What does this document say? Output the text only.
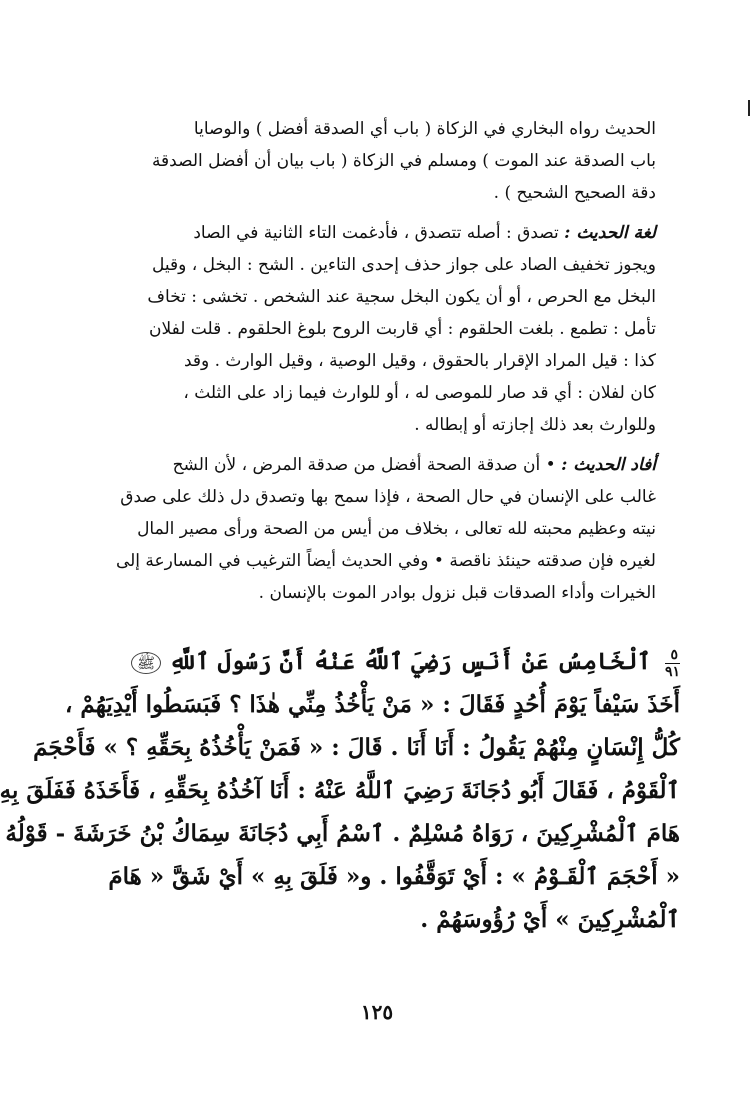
الحديث رواه البخاري في الزكاة ( باب أي الصدقة أفضل ) والوصايا
باب الصدقة عند الموت ) ومسلم في الزكاة ( باب بيان أن أفضل الصدقة
دقة الصحيح الشحيح ) .
لغة الحديث : تصدق : أصله تتصدق ، فأدغمت التاء الثانية في الصاد
ويجوز تخفيف الصاد على جواز حذف إحدى التاءين . الشح : البخل ، وقيل
البخل مع الحرص ، أو أن يكون البخل سجية عند الشخص . تخشى : تخاف
تأمل : تطمع . بلغت الحلقوم : أي قاربت الروح بلوغ الحلقوم . قلت لفلان
كذا : قيل المراد الإقرار بالحقوق ، وقيل الوصية ، وقيل الوارث . وقد
كان لفلان : أي قد صار للموصى له ، أو للوارث فيما زاد على الثلث ،
وللوارث بعد ذلك إجازته أو إبطاله .
أفاد الحديث : • أن صدقة الصحة أفضل من صدقة المرض ، لأن الشح
غالب على الإنسان في حال الصحة ، فإذا سمح بها وتصدق دل ذلك على صدق
نيته وعظيم محبته لله تعالى ، بخلاف من أيس من الصحة ورأى مصير المال
لغيره فإن صدقته حينئذ ناقصة • وفي الحديث أيضاً الترغيب في المسارعة إلى
الخيرات وأداء الصدقات قبل نزول بوادر الموت بالإنسان .
٥
٩١
ٱلْخَامِسُ عَنْ أَنَسٍ رَضِيَ ٱللَّهُ عَنْهُ أَنَّ رَسُولَ ٱللَّهِ ﷺ
أَخَذَ سَيْفاً يَوْمَ أُحُدٍ فَقَالَ : « مَنْ يَأْخُذُ مِنِّي هٰذَا ؟ فَبَسَطُوا أَيْدِيَهُمْ ،
كُلُّ إِنْسَانٍ مِنْهُمْ يَقُولُ : أَنَا أَنَا . قَالَ : « فَمَنْ يَأْخُذُهُ بِحَقِّهِ ؟ » فَأَحْجَمَ
ٱلْقَوْمُ ، فَقَالَ أَبُو دُجَانَةَ رَضِيَ ٱللَّهُ عَنْهُ : أَنَا آخُذُهُ بِحَقِّهِ ، فَأَخَذَهُ فَفَلَقَ بِهِ
هَامَ ٱلْمُشْرِكِينَ ، رَوَاهُ مُسْلِمٌ . ٱسْمُ أَبِي دُجَانَةَ سِمَاكُ بْنُ خَرَشَةَ - قَوْلُهُ
« أَحْجَمَ ٱلْقَـوْمُ » : أَيْ تَوَقَّفُوا . و« فَلَقَ بِهِ » أَيْ شَقَّ « هَامَ
ٱلْمُشْرِكِينَ » أَيْ رُؤُوسَهُمْ .
١٢٥
